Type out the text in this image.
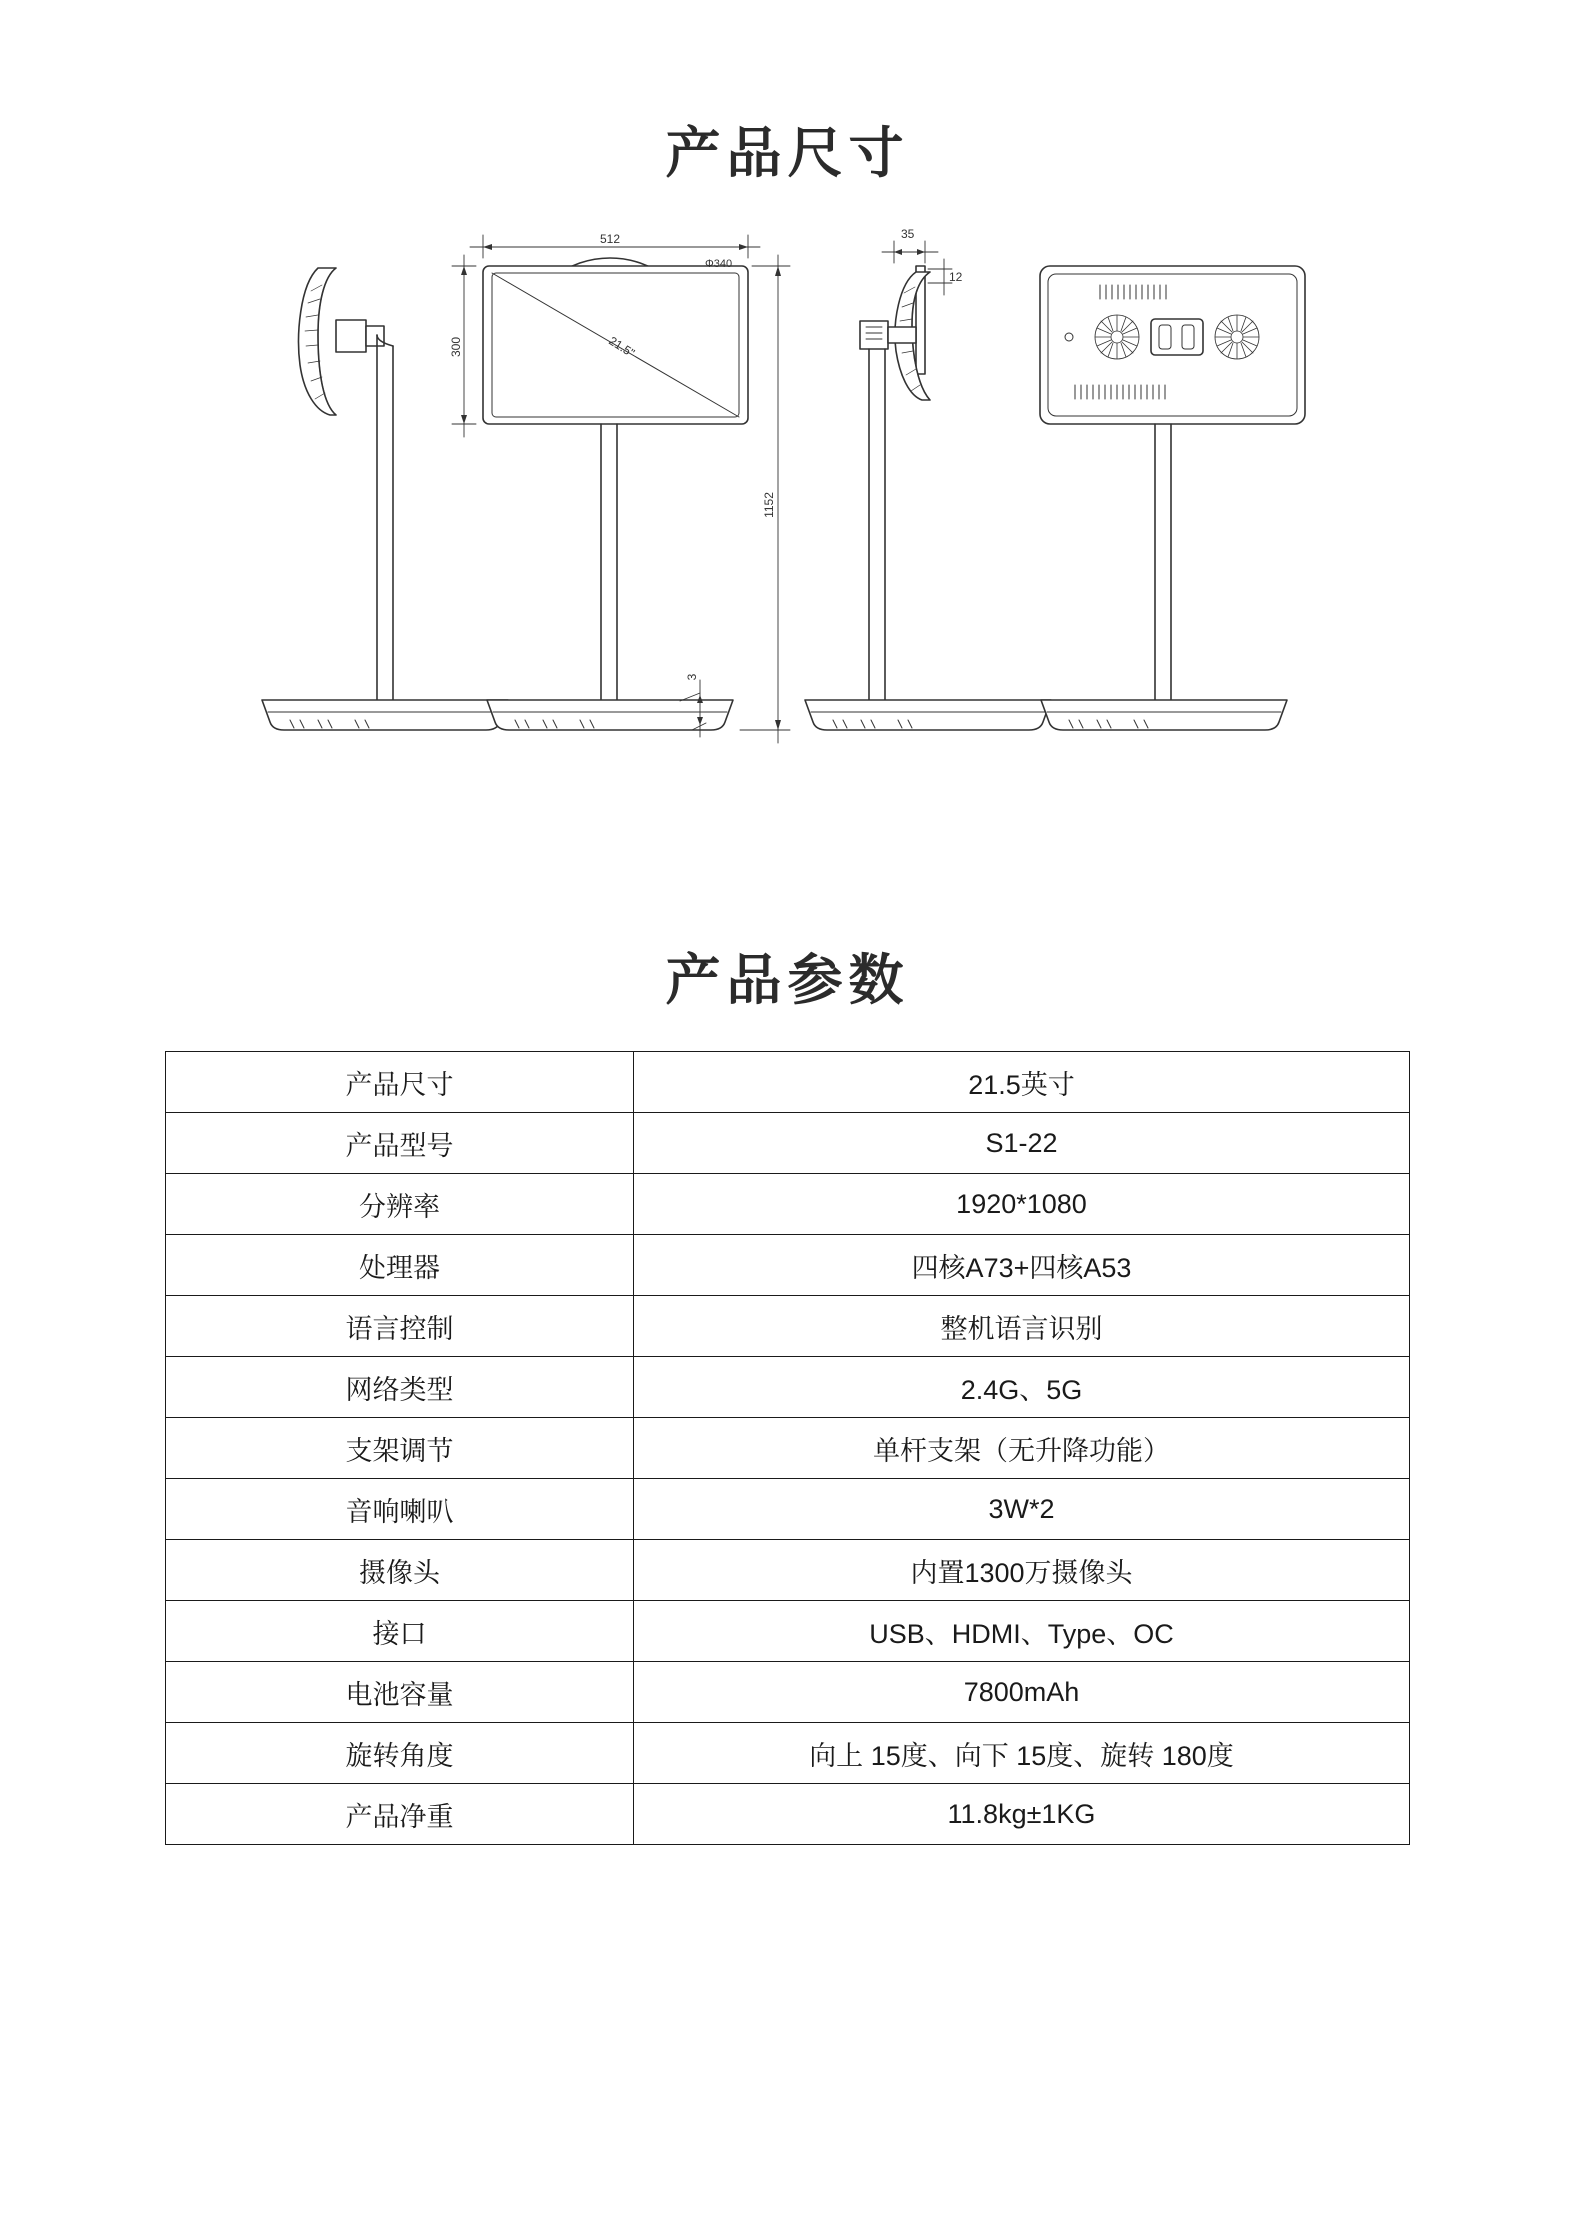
产品尺寸
Φ340
512
300	21.5"
35
12
1152
3
产品参数
产品尺寸	21.5英寸
产品型号	S1-22
分辨率	1920*1080
处理器	四核A73+四核A53
语言控制	整机语言识别
网络类型	2.4G、5G
支架调节	单杆支架（无升降功能）
音响喇叭	3W*2
摄像头	内置1300万摄像头
接口	USB、HDMI、Type、OC
电池容量	7800mAh
旋转角度	向上 15度、向下 15度、旋转 180度
产品净重	11.8kg±1KG
